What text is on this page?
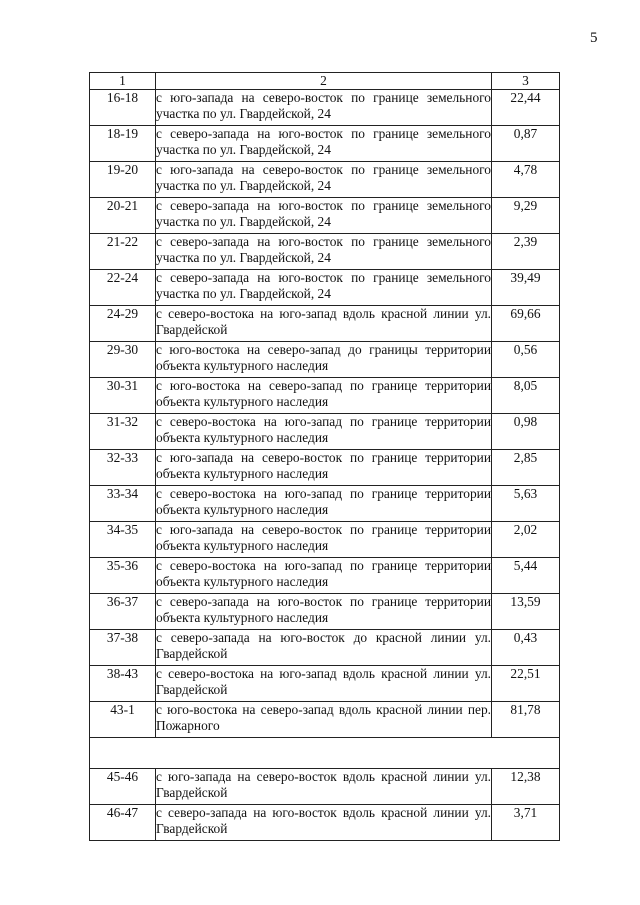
5
1	2	3
16-18	с юго-запада на северо-восток по границе земельного участка по ул. Гвардейской, 24	22,44
18-19	с северо-запада на юго-восток по границе земельного участка по ул. Гвардейской, 24	0,87
19-20	с юго-запада на северо-восток по границе земельного участка по ул. Гвардейской, 24	4,78
20-21	с северо-запада на юго-восток по границе земельного участка по ул. Гвардейской, 24	9,29
21-22	с северо-запада на юго-восток по границе земельного участка по ул. Гвардейской, 24	2,39
22-24	с северо-запада на юго-восток по границе земельного участка по ул. Гвардейской, 24	39,49
24-29	с северо-востока на юго-запад вдоль красной линии ул. Гвардейской	69,66
29-30	с юго-востока на северо-запад до границы территории объекта культурного наследия	0,56
30-31	с юго-востока на северо-запад по границе территории объекта культурного наследия	8,05
31-32	с северо-востока на юго-запад по границе территории объекта культурного наследия	0,98
32-33	с юго-запада на северо-восток по границе территории объекта культурного наследия	2,85
33-34	с северо-востока на юго-запад по границе территории объекта культурного наследия	5,63
34-35	с юго-запада на северо-восток по границе территории объекта культурного наследия	2,02
35-36	с северо-востока на юго-запад по границе территории объекта культурного наследия	5,44
36-37	с северо-запада на юго-восток по границе территории объекта культурного наследия	13,59
37-38	с северо-запада на юго-восток до красной линии ул. Гвардейской	0,43
38-43	с северо-востока на юго-запад вдоль красной линии ул. Гвардейской	22,51
43-1	с юго-востока на северо-запад вдоль красной линии пер. Пожарного	81,78

45-46	с юго-запада на северо-восток вдоль красной линии ул. Гвардейской	12,38
46-47	с северо-запада на юго-восток вдоль красной линии ул. Гвардейской	3,71
